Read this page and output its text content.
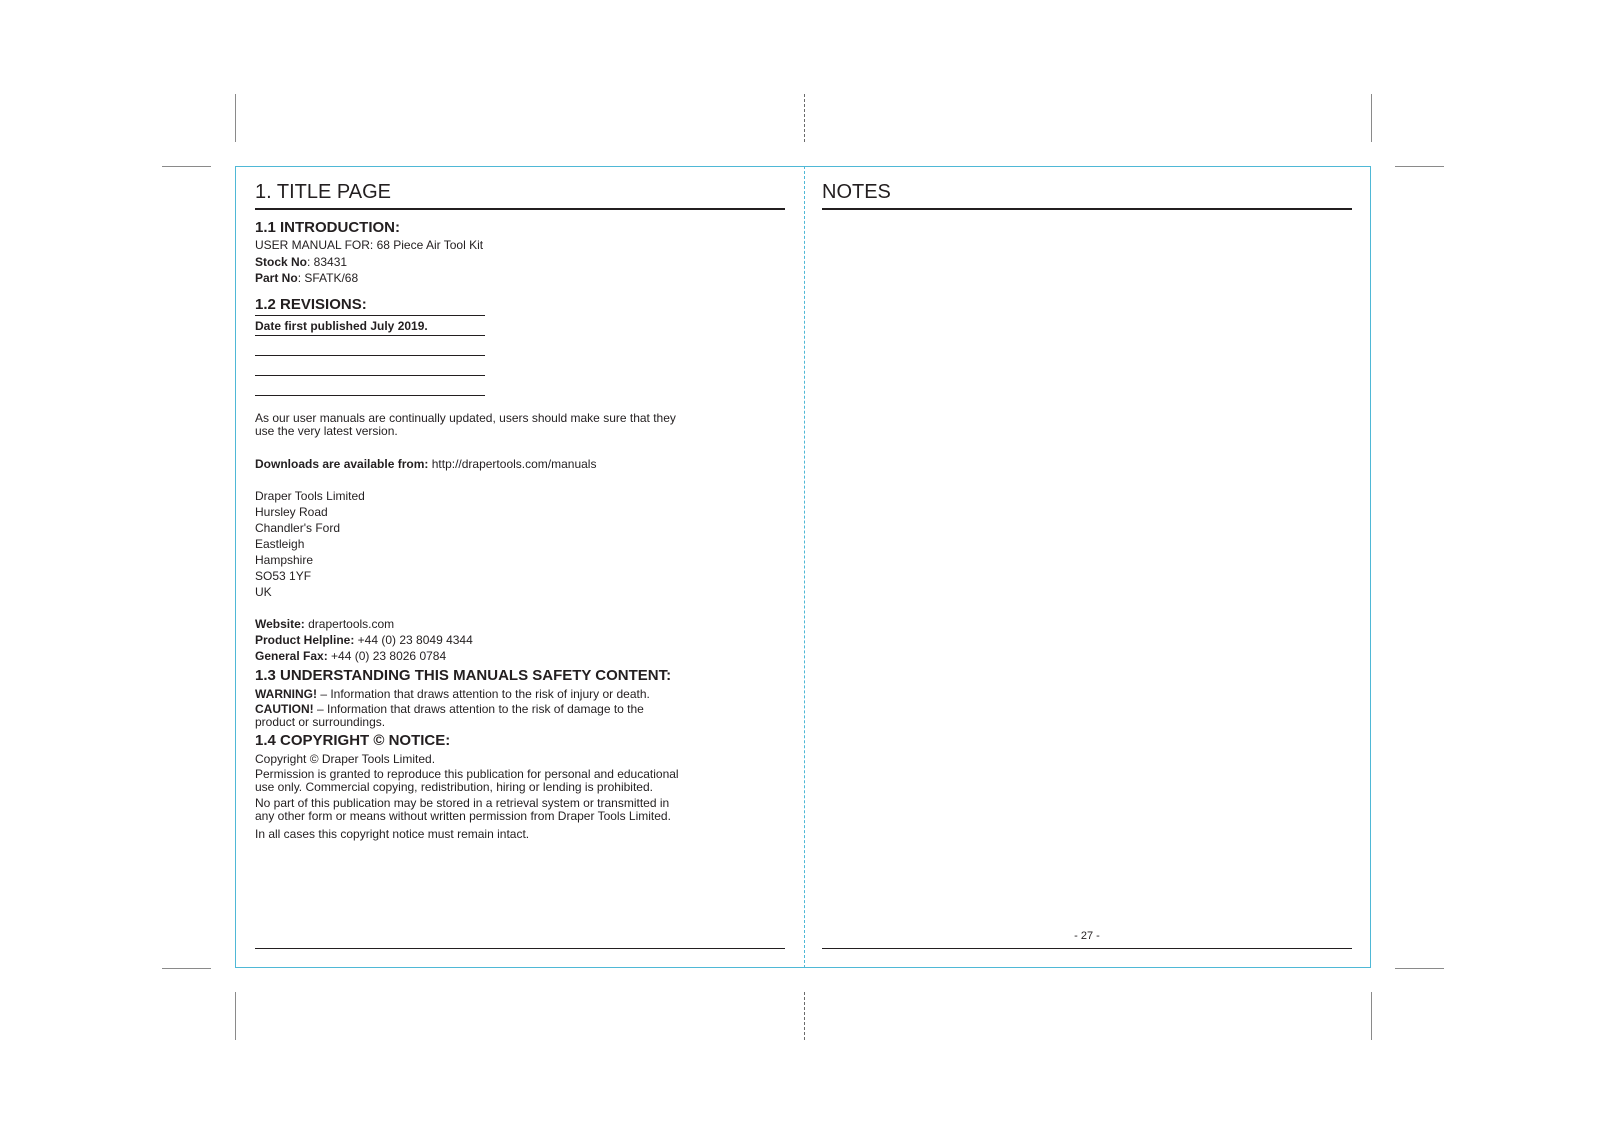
1. TITLE PAGE
1.1 INTRODUCTION:

USER MANUAL FOR: 68 Piece Air Tool Kit

Stock No: 83431

Part No: SFATK/68

1.2 REVISIONS:
Date first published July 2019.

As our user manuals are continually updated, users should make sure that they use the very latest version.

Downloads are available from: http://drapertools.com/manuals

Draper Tools Limited

Hursley Road

Chandler's Ford

Eastleigh

Hampshire

SO53 1YF

UK

Website: drapertools.com

Product Helpline: +44 (0) 23 8049 4344

General Fax: +44 (0) 23 8026 0784

1.3 UNDERSTANDING THIS MANUALS SAFETY CONTENT:

WARNING! – Information that draws attention to the risk of injury or death.

CAUTION! – Information that draws attention to the risk of damage to the product or surroundings.

1.4 COPYRIGHT © NOTICE:

Copyright © Draper Tools Limited.

Permission is granted to reproduce this publication for personal and educational use only. Commercial copying, redistribution, hiring or lending is prohibited.

No part of this publication may be stored in a retrieval system or transmitted in any other form or means without written permission from Draper Tools Limited.

In all cases this copyright notice must remain intact.

NOTES
- 27 -
